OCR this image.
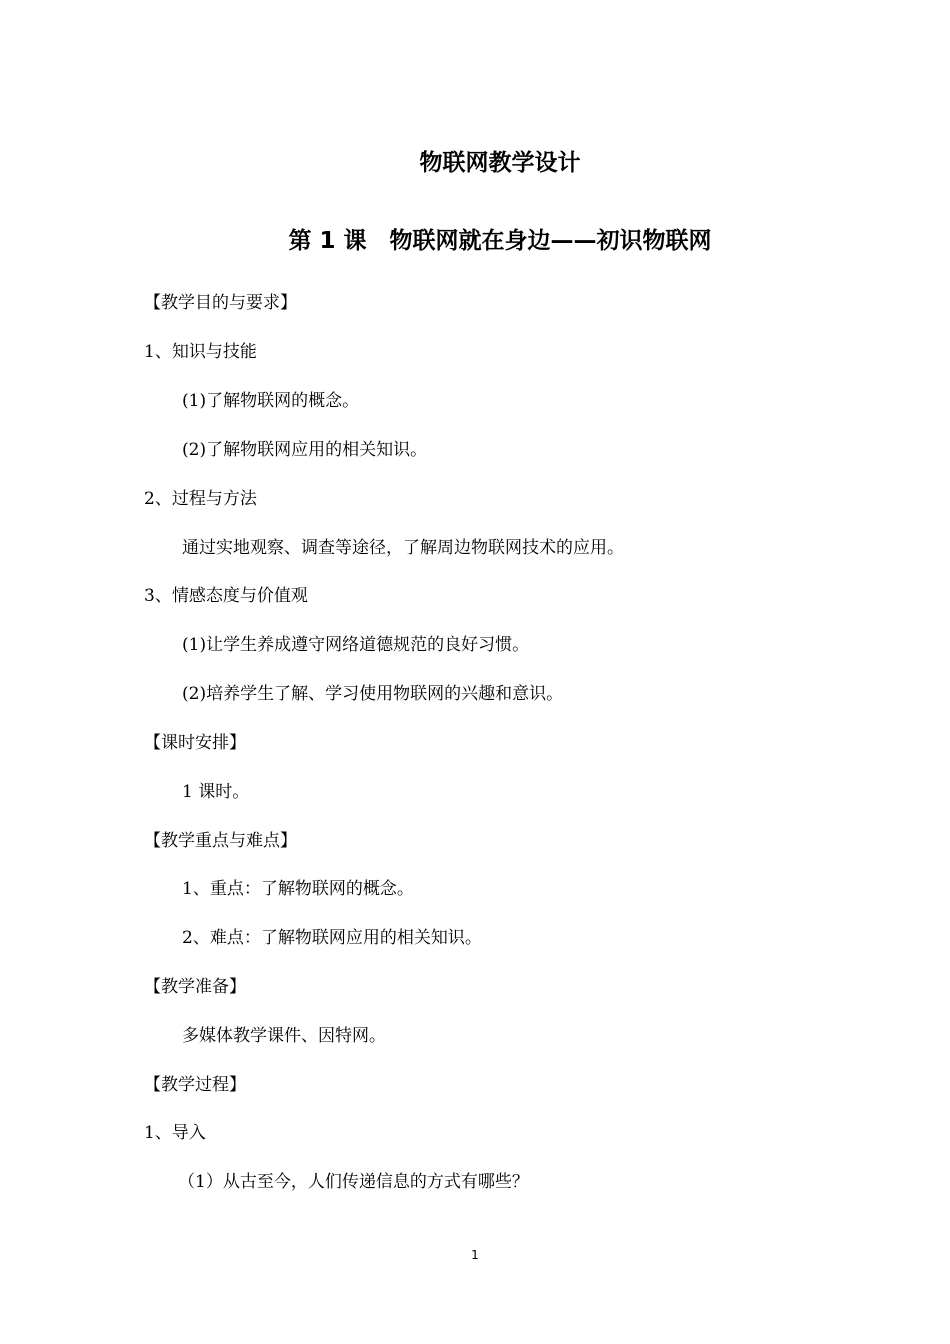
物联网教学设计
第 1 课　物联网就在身边——初识物联网
【教学目的与要求】
1、知识与技能
(1)了解物联网的概念。
(2)了解物联网应用的相关知识。
2、过程与方法
通过实地观察、调查等途径，了解周边物联网技术的应用。
3、情感态度与价值观
(1)让学生养成遵守网络道德规范的良好习惯。
(2)培养学生了解、学习使用物联网的兴趣和意识。
【课时安排】
1 课时。
【教学重点与难点】
1、重点：了解物联网的概念。
2、难点：了解物联网应用的相关知识。
【教学准备】
多媒体教学课件、因特网。
【教学过程】
1、导入
（1）从古至今，人们传递信息的方式有哪些？
1
